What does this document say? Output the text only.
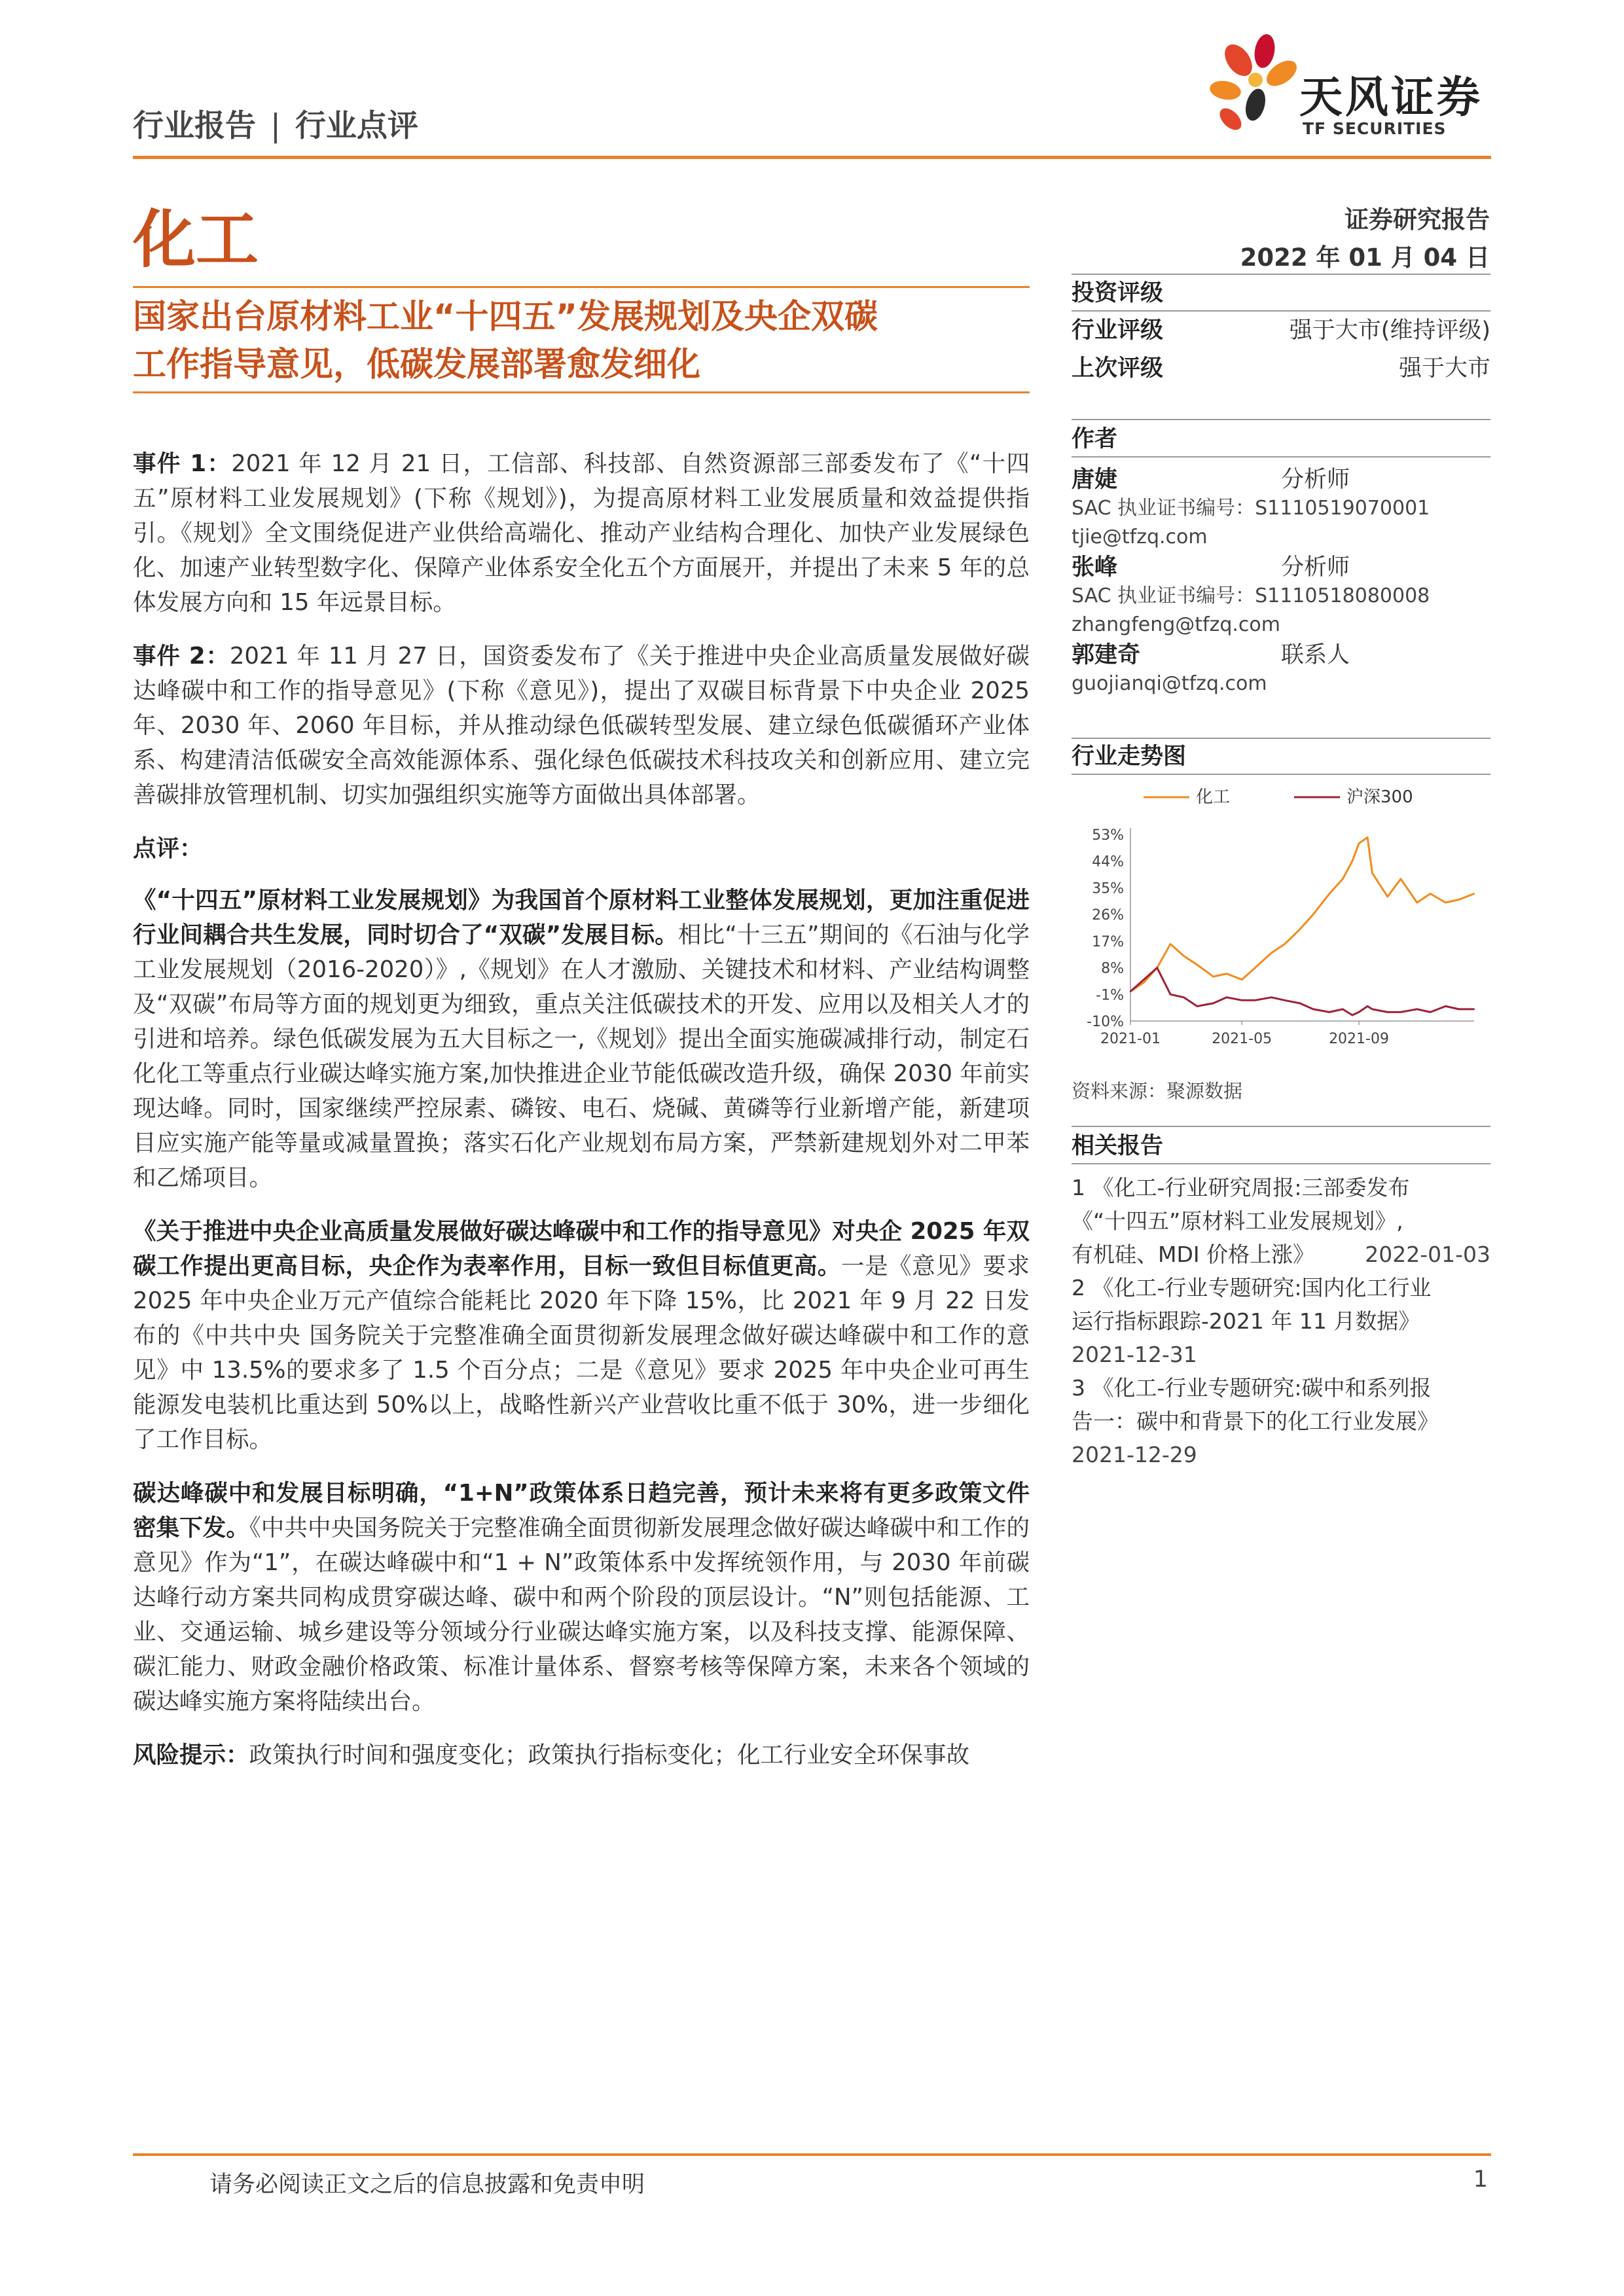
行业报告 | 行业点评
天风证券
TF SECURITIES
化工	证券研究报告
2022 年 01 月 04 日
国家出台原材料工业“十四五”发展规划及央企双碳
工作指导意见，低碳发展部署愈发细化

事件 1：2021 年 12 月 21 日，工信部、科技部、自然资源部三部委发布了《“十四五”原材料工业发展规划》(下称《规划》)，为提高原材料工业发展质量和效益提供指引。《规划》全文围绕促进产业供给高端化、推动产业结构合理化、加快产业发展绿色化、加速产业转型数字化、保障产业体系安全化五个方面展开，并提出了未来 5 年的总体发展方向和 15 年远景目标。

事件 2：2021 年 11 月 27 日，国资委发布了《关于推进中央企业高质量发展做好碳达峰碳中和工作的指导意见》(下称《意见》)，提出了双碳目标背景下中央企业 2025 年、2030 年、2060 年目标，并从推动绿色低碳转型发展、建立绿色低碳循环产业体系、构建清洁低碳安全高效能源体系、强化绿色低碳技术科技攻关和创新应用、建立完善碳排放管理机制、切实加强组织实施等方面做出具体部署。

点评：

《“十四五”原材料工业发展规划》为我国首个原材料工业整体发展规划，更加注重促进行业间耦合共生发展，同时切合了“双碳”发展目标。相比“十三五”期间的《石油与化学工业发展规划（2016-2020）》,《规划》在人才激励、关键技术和材料、产业结构调整及“双碳”布局等方面的规划更为细致，重点关注低碳技术的开发、应用以及相关人才的引进和培养。绿色低碳发展为五大目标之一,《规划》提出全面实施碳减排行动，制定石化化工等重点行业碳达峰实施方案,加快推进企业节能低碳改造升级，确保 2030 年前实现达峰。同时，国家继续严控尿素、磷铵、电石、烧碱、黄磷等行业新增产能，新建项目应实施产能等量或减量置换；落实石化产业规划布局方案，严禁新建规划外对二甲苯和乙烯项目。

《关于推进中央企业高质量发展做好碳达峰碳中和工作的指导意见》对央企 2025 年双碳工作提出更高目标，央企作为表率作用，目标一致但目标值更高。一是《意见》要求 2025 年中央企业万元产值综合能耗比 2020 年下降 15%，比 2021 年 9 月 22 日发布的《中共中央 国务院关于完整准确全面贯彻新发展理念做好碳达峰碳中和工作的意见》中 13.5%的要求多了 1.5 个百分点；二是《意见》要求 2025 年中央企业可再生能源发电装机比重达到 50%以上，战略性新兴产业营收比重不低于 30%，进一步细化了工作目标。

碳达峰碳中和发展目标明确，“1+N”政策体系日趋完善，预计未来将有更多政策文件密集下发。《中共中央国务院关于完整准确全面贯彻新发展理念做好碳达峰碳中和工作的意见》作为“1”，在碳达峰碳中和“1 + N”政策体系中发挥统领作用，与 2030 年前碳达峰行动方案共同构成贯穿碳达峰、碳中和两个阶段的顶层设计。“N”则包括能源、工业、交通运输、城乡建设等分领域分行业碳达峰实施方案，以及科技支撑、能源保障、碳汇能力、财政金融价格政策、标准计量体系、督察考核等保障方案，未来各个领域的碳达峰实施方案将陆续出台。

风险提示：政策执行时间和强度变化；政策执行指标变化；化工行业安全环保事故

投资评级
行业评级	强于大市(维持评级)
上次评级	强于大市
作者
唐婕	分析师
SAC 执业证书编号：S1110519070001
tjie@tfzq.com
张峰	分析师
SAC 执业证书编号：S1110518080008
zhangfeng@tfzq.com
郭建奇	联系人
guojianqi@tfzq.com
行业走势图
化工	沪深300
53%
44%
35%
26%
17%
8%
-1%
-10%
2021-01	2021-05	2021-09
资料来源：聚源数据
相关报告
1 《化工-行业研究周报:三部委发布
《“十四五”原材料工业发展规划》,
有机硅、MDI 价格上涨》 2022-01-03
2 《化工-行业专题研究:国内化工行业
运行指标跟踪-2021 年 11 月数据》
2021-12-31
3 《化工-行业专题研究:碳中和系列报
告一：碳中和背景下的化工行业发展》
2021-12-29
请务必阅读正文之后的信息披露和免责申明	1
